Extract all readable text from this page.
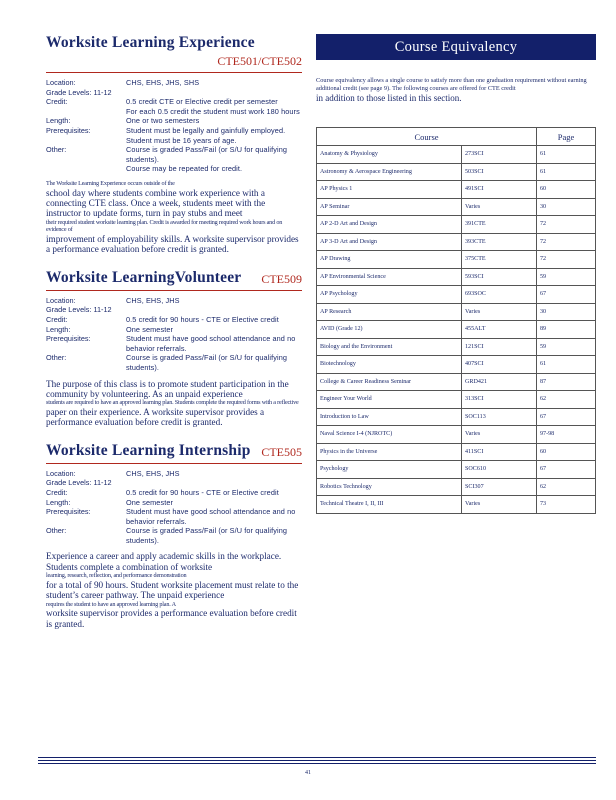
Worksite Learning Experience
CTE501/CTE502
Location:	CHS, EHS, JHS, SHS
Grade Levels: 11-12
Credit:	0.5 credit CTE or Elective credit per semester
For each 0.5 credit the student must work 180 hours
Length:	One or two semesters
Prerequisites:	Student must be legally and gainfully employed. Student must be 16 years of age.
Other:	Course is graded Pass/Fail (or S/U for qualifying students).
Course may be repeated for credit.
The Worksite Learning Experience occurs outside of the
school day where students combine work experience with a connecting CTE class. Once a week, students meet with the instructor to update forms, turn in pay stubs and meet
their required student worksite learning plan. Credit is awarded for meeting required work hours and on evidence of
improvement of employability skills. A worksite supervisor provides a performance evaluation before credit is granted.
Worksite LearningVolunteer CTE509
Location:	CHS, EHS, JHS
Grade Levels: 11-12
Credit:	0.5 credit for 90 hours - CTE or Elective credit
Length:	One semester
Prerequisites:	Student must have good school attendance and no behavior referrals.
Other:	Course is graded Pass/Fail (or S/U for qualifying students).
The purpose of this class is to promote student participation in the community by volunteering. As an unpaid experience
students are required to have an approved learning plan. Students complete the required forms with a reflective
paper on their experience. A worksite supervisor provides a performance evaluation before credit is granted.
Worksite Learning Internship CTE505
Location:	CHS, EHS, JHS
Grade Levels: 11-12
Credit:	0.5 credit for 90 hours - CTE or Elective credit
Length:	One semester
Prerequisites:	Student must have good school attendance and no behavior referrals.
Other:	Course is graded Pass/Fail (or S/U for qualifying students).
Experience a career and apply academic skills in the workplace. Students complete a combination of worksite
learning, research, reflection, and performance demonstration
for a total of 90 hours. Student worksite placement must relate to the student’s career pathway. The unpaid experience
requires the student to have an approved learning plan. A
worksite supervisor provides a performance evaluation before credit is granted.
Course Equivalency
Course equivalency allows a single course to satisfy more than one graduation requirement without earning additional credit (see page 9). The following courses are offered for CTE credit
in addition to those listed in this section.
Course		Page
Anatomy & Physiology	273SCI	61
Astronomy & Aerospace Engineering	503SCI	61
AP Physics 1	491SCI	60
AP Seminar	Varies	30
AP 2-D Art and Design	391CTE	72
AP 3-D Art and Design	393CTE	72
AP Drawing	375CTE	72
AP Environmental Science	593SCI	59
AP Psychology	693SOC	67
AP Research	Varies	30
AVID (Grade 12)	455ALT	89
Biology and the Environment	121SCI	59
Biotechnology	407SCI	61
College & Career Readiness Seminar	GRD421	87
Engineer Your World	313SCI	62
Introduction to Law	SOC113	67
Naval Science I-4 (NJROTC)	Varies	97-98
Physics in the Universe	411SCI	60
Psychology	SOC610	67
Robotics Technology	SCI307	62
Technical Theatre I, II, III	Varies	73
41
